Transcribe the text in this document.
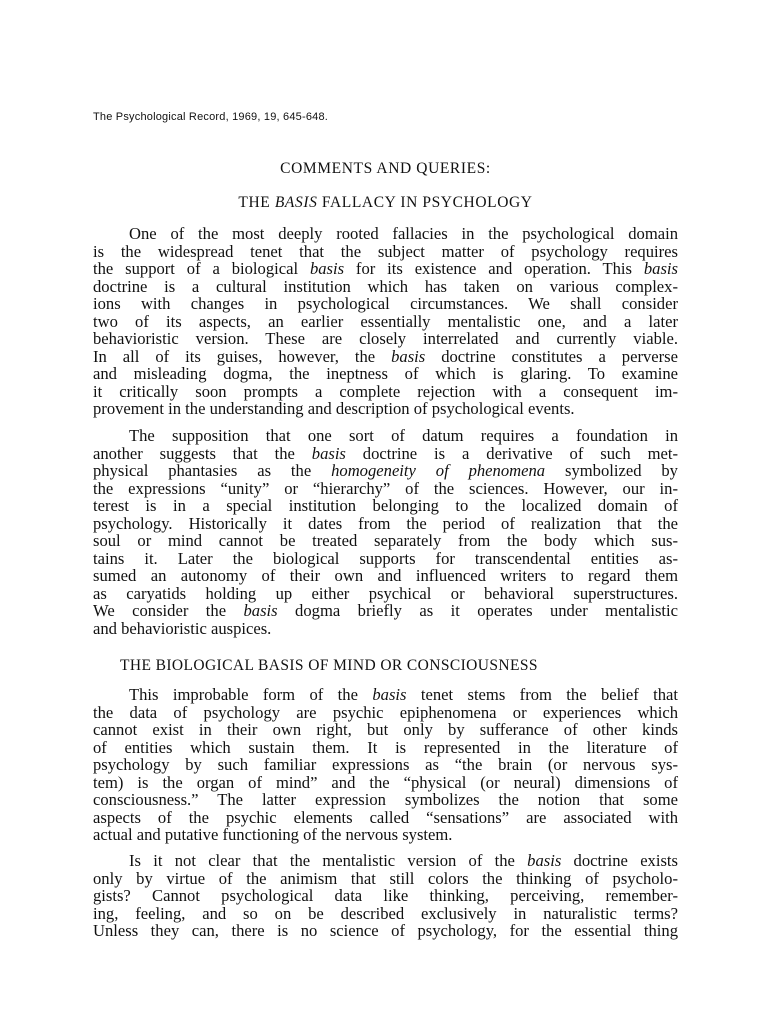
The Psychological Record, 1969, 19, 645-648.
COMMENTS AND QUERIES:
THE BASIS FALLACY IN PSYCHOLOGY
One of the most deeply rooted fallacies in the psychological domain
is the widespread tenet that the subject matter of psychology requires
the support of a biological basis for its existence and operation. This basis
doctrine is a cultural institution which has taken on various complex-
ions with changes in psychological circumstances. We shall consider
two of its aspects, an earlier essentially mentalistic one, and a later
behavioristic version. These are closely interrelated and currently viable.
In all of its guises, however, the basis doctrine constitutes a perverse
and misleading dogma, the ineptness of which is glaring. To examine
it critically soon prompts a complete rejection with a consequent im-
provement in the understanding and description of psychological events.
The supposition that one sort of datum requires a foundation in
another suggests that the basis doctrine is a derivative of such met-
physical phantasies as the homogeneity of phenomena symbolized by
the expressions “unity” or “hierarchy” of the sciences. However, our in-
terest is in a special institution belonging to the localized domain of
psychology. Historically it dates from the period of realization that the
soul or mind cannot be treated separately from the body which sus-
tains it. Later the biological supports for transcendental entities as-
sumed an autonomy of their own and influenced writers to regard them
as caryatids holding up either psychical or behavioral superstructures.
We consider the basis dogma briefly as it operates under mentalistic
and behavioristic auspices.
THE BIOLOGICAL BASIS OF MIND OR CONSCIOUSNESS
This improbable form of the basis tenet stems from the belief that
the data of psychology are psychic epiphenomena or experiences which
cannot exist in their own right, but only by sufferance of other kinds
of entities which sustain them. It is represented in the literature of
psychology by such familiar expressions as “the brain (or nervous sys-
tem) is the organ of mind” and the “physical (or neural) dimensions of
consciousness.” The latter expression symbolizes the notion that some
aspects of the psychic elements called “sensations” are associated with
actual and putative functioning of the nervous system.
Is it not clear that the mentalistic version of the basis doctrine exists
only by virtue of the animism that still colors the thinking of psycholo-
gists? Cannot psychological data like thinking, perceiving, remember-
ing, feeling, and so on be described exclusively in naturalistic terms?
Unless they can, there is no science of psychology, for the essential thing
